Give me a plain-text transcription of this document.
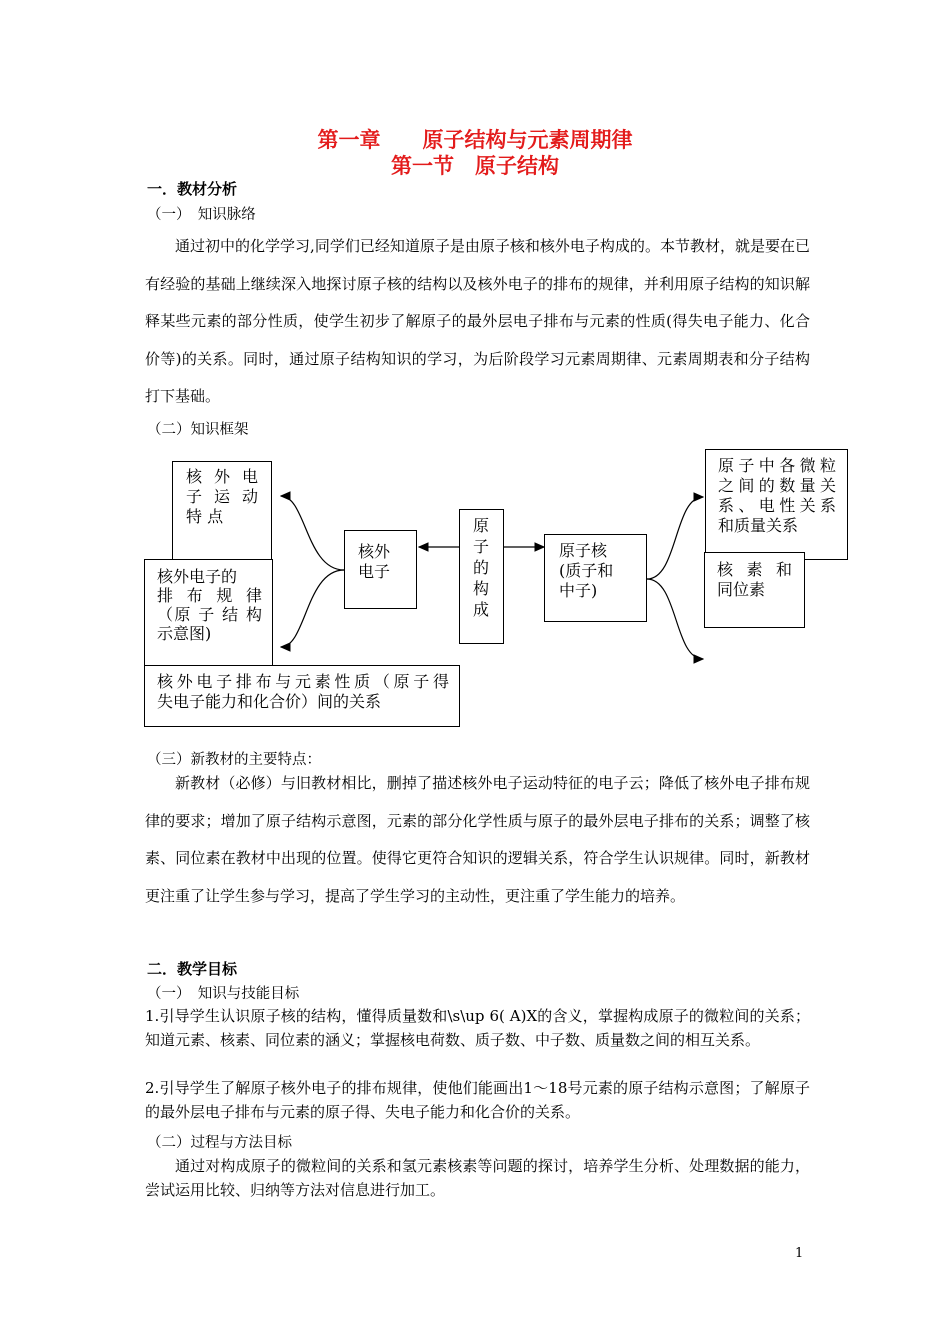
第一章　　原子结构与元素周期律
第一节　原子结构
一．教材分析
（一）　知识脉络
通过初中的化学学习,同学们已经知道原子是由原子核和核外电子构成的。本节教材，就是要在已有经验的基础上继续深入地探讨原子核的结构以及核外电子的排布的规律，并利用原子结构的知识解释某些元素的部分性质，使学生初步了解原子的最外层电子排布与元素的性质(得失电子能力、化合价等)的关系。同时，通过原子结构知识的学习，为后阶段学习元素周期律、元素周期表和分子结构打下基础。
（二）知识框架
核 外 电
子 运 动
特 点
核外电子的
排 布 规 律
（原 子 结 构
示意图)
核外电子排布与元素性质（原子得
失电子能力和化合价）间的关系
核外
电子
原
子
的
构
成
原子核
(质子和
中子)
原子中各微粒
之间的数量关
系、电性关系
和质量关系
核 素 和
同位素
（三）新教材的主要特点：
新教材（必修）与旧教材相比，删掉了描述核外电子运动特征的电子云；降低了核外电子排布规律的要求；增加了原子结构示意图，元素的部分化学性质与原子的最外层电子排布的关系；调整了核素、同位素在教材中出现的位置。使得它更符合知识的逻辑关系，符合学生认识规律。同时，新教材更注重了让学生参与学习，提高了学生学习的主动性，更注重了学生能力的培养。
二．教学目标
（一）　知识与技能目标
1.引导学生认识原子核的结构，懂得质量数和\s\up 6( A)X的含义，掌握构成原子的微粒间的关系；知道元素、核素、同位素的涵义；掌握核电荷数、质子数、中子数、质量数之间的相互关系。
2.引导学生了解原子核外电子的排布规律，使他们能画出1～18号元素的原子结构示意图；了解原子的最外层电子排布与元素的原子得、失电子能力和化合价的关系。
（二）过程与方法目标
通过对构成原子的微粒间的关系和氢元素核素等问题的探讨，培养学生分析、处理数据的能力，尝试运用比较、归纳等方法对信息进行加工。
1
